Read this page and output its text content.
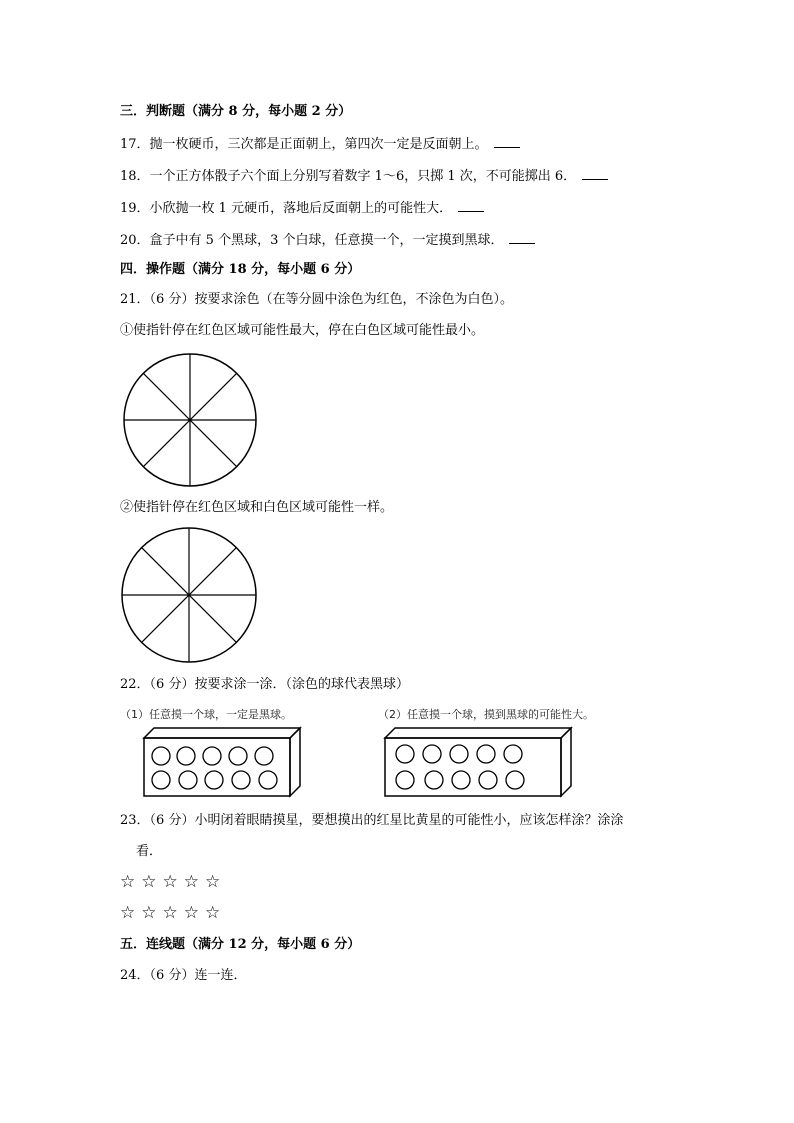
三．判断题（满分 8 分，每小题 2 分）
17．抛一枚硬币，三次都是正面朝上，第四次一定是反面朝上。
18．一个正方体骰子六个面上分别写着数字 1～6，只掷 1 次，不可能掷出 6．
19．小欣抛一枚 1 元硬币，落地后反面朝上的可能性大．
20．盒子中有 5 个黑球，3 个白球，任意摸一个，一定摸到黑球．
四．操作题（满分 18 分，每小题 6 分）
21．（6 分）按要求涂色（在等分圆中涂色为红色，不涂色为白色）。
①使指针停在红色区域可能性最大，停在白色区域可能性最小。
②使指针停在红色区域和白色区域可能性一样。
22．（6 分）按要求涂一涂．（涂色的球代表黑球）
（1）任意摸一个球，一定是黑球。	（2）任意摸一个球，摸到黑球的可能性大。
23．（6 分）小明闭着眼睛摸星，要想摸出的红星比黄星的可能性小，应该怎样涂？涂涂
看．
☆☆☆☆☆
☆☆☆☆☆
五．连线题（满分 12 分，每小题 6 分）
24．（6 分）连一连．
